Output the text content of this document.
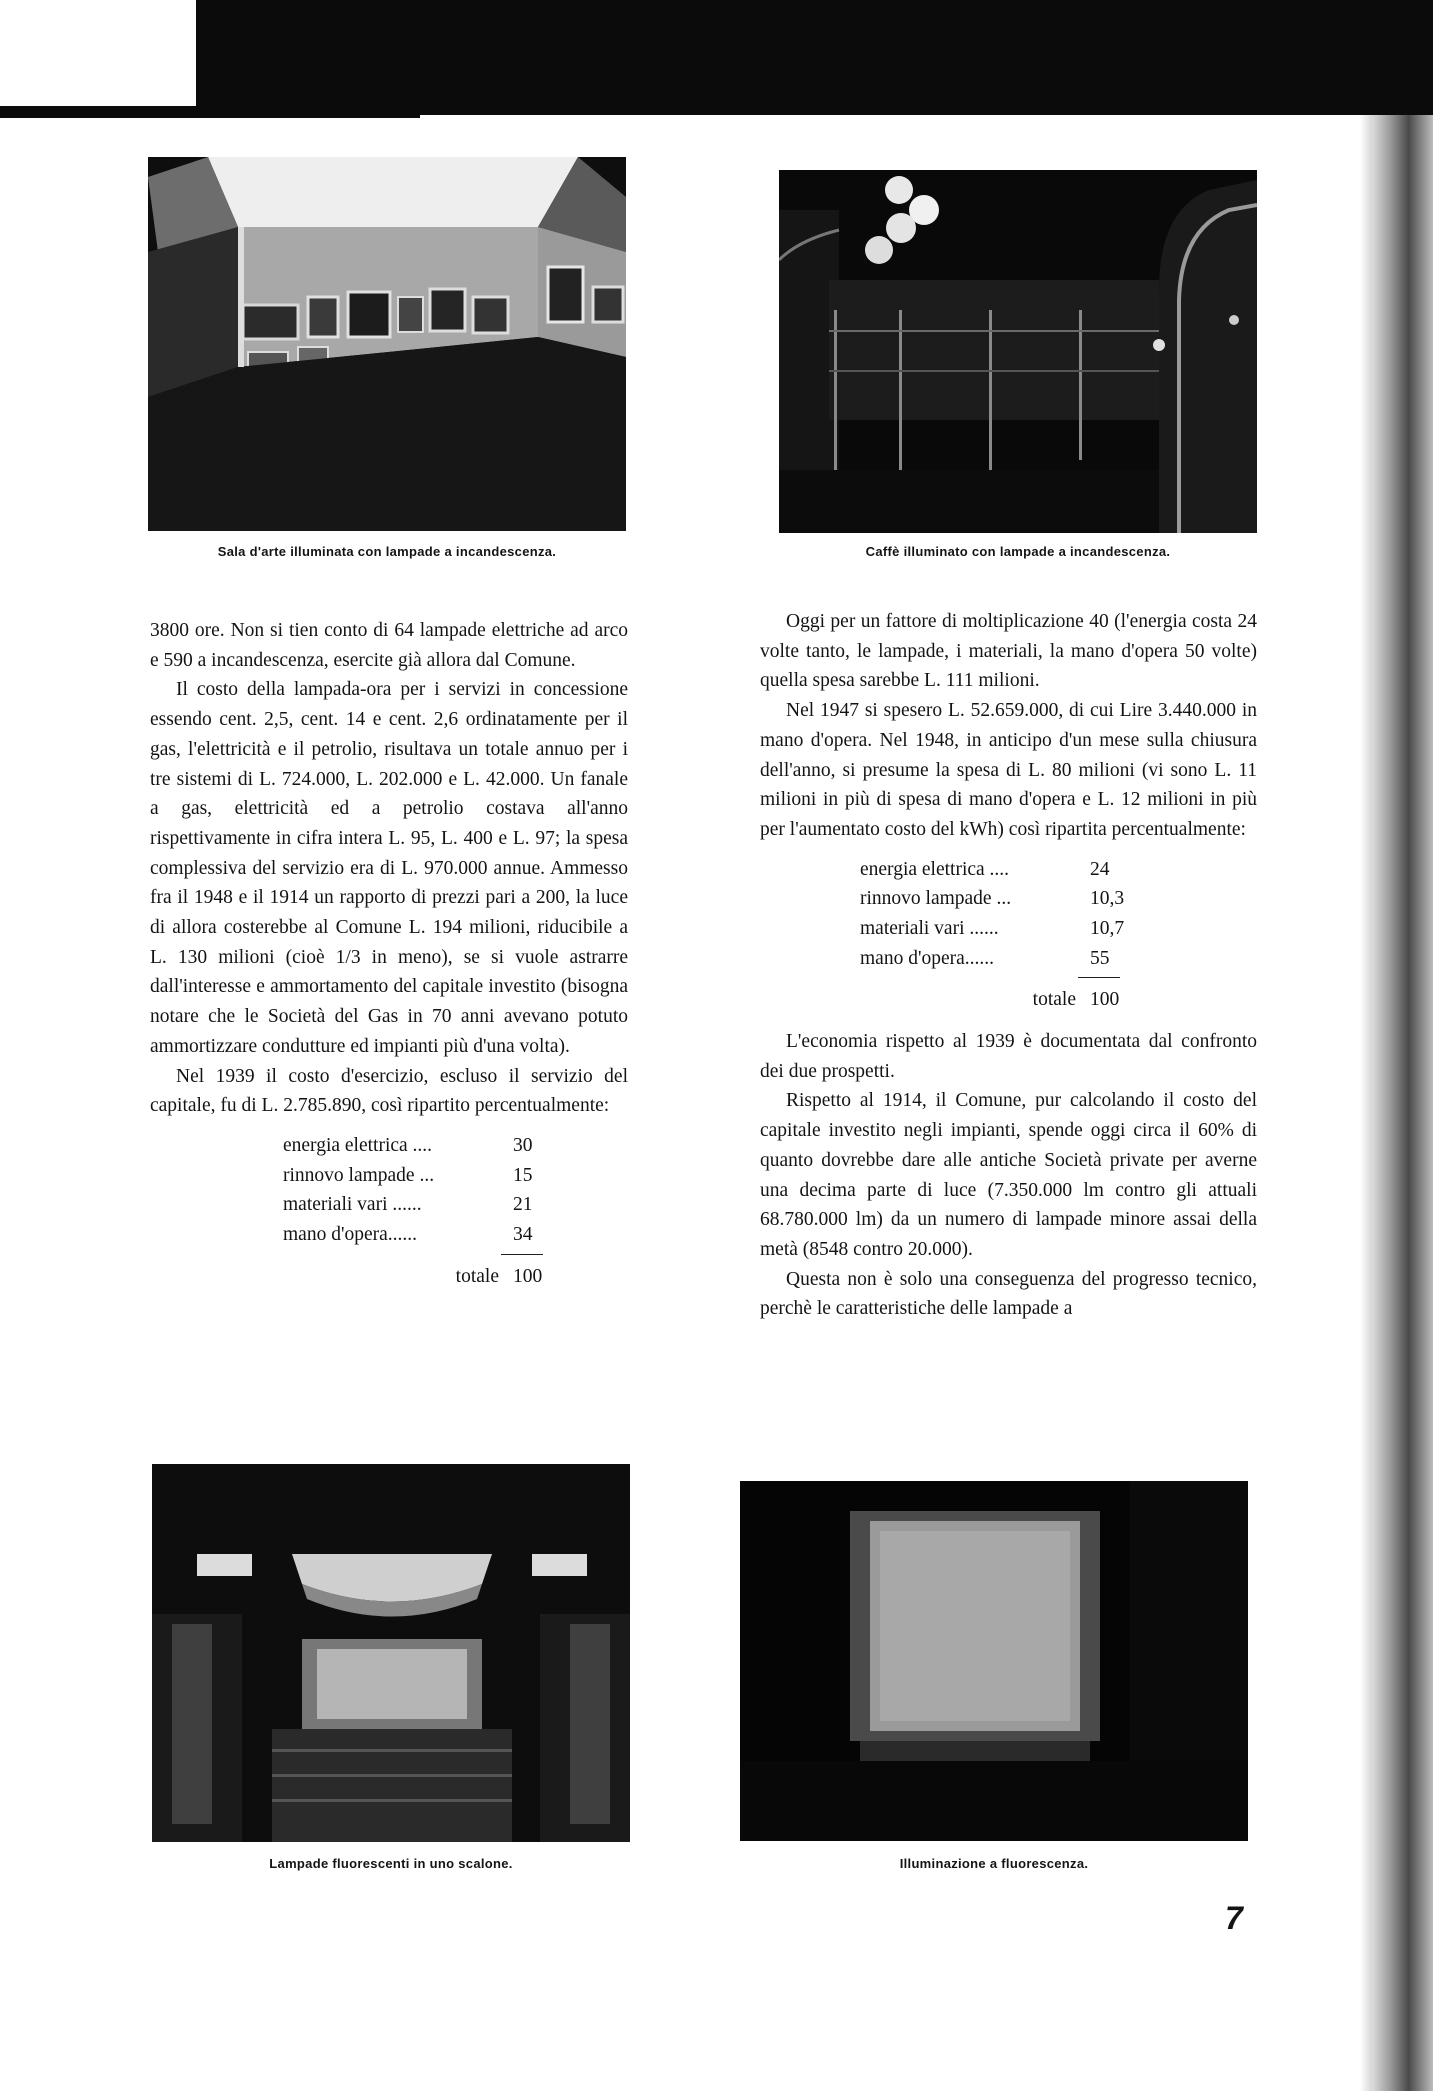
Sala d'arte illuminata con lampade a incandescenza.	Caffè illuminato con lampade a incandescenza.

3800 ore. Non si tien conto di 64 lampade elettriche ad arco e 590 a incandescenza, esercite già allora dal Comune.

Il costo della lampada-ora per i servizi in concessione essendo cent. 2,5, cent. 14 e cent. 2,6 ordinatamente per il gas, l'elettricità e il petrolio, risultava un totale annuo per i tre sistemi di L. 724.000, L. 202.000 e L. 42.000. Un fanale a gas, elettricità ed a petrolio costava all'anno rispettivamente in cifra intera L. 95, L. 400 e L. 97; la spesa complessiva del servizio era di L. 970.000 annue. Ammesso fra il 1948 e il 1914 un rapporto di prezzi pari a 200, la luce di allora costerebbe al Comune L. 194 milioni, riducibile a L. 130 milioni (cioè 1/3 in meno), se si vuole astrarre dall'interesse e ammortamento del capitale investito (bisogna notare che le Società del Gas in 70 anni avevano potuto ammortizzare condutture ed impianti più d'una volta).

Nel 1939 il costo d'esercizio, escluso il servizio del capitale, fu di L. 2.785.890, così ripartito percentualmente:

energia elettrica ....	30
rinnovo lampade ...	15
materiali vari ......	21
mano d'opera......	34
totale 100

Oggi per un fattore di moltiplicazione 40 (l'energia costa 24 volte tanto, le lampade, i materiali, la mano d'opera 50 volte) quella spesa sarebbe L. 111 milioni.

Nel 1947 si spesero L. 52.659.000, di cui Lire 3.440.000 in mano d'opera. Nel 1948, in anticipo d'un mese sulla chiusura dell'anno, si presume la spesa di L. 80 milioni (vi sono L. 11 milioni in più di spesa di mano d'opera e L. 12 milioni in più per l'aumentato costo del kWh) così ripartita percentualmente:

energia elettrica ....	24
rinnovo lampade ...	10,3
materiali vari ......	10,7
mano d'opera......	55
totale 100

L'economia rispetto al 1939 è documentata dal confronto dei due prospetti.

Rispetto al 1914, il Comune, pur calcolando il costo del capitale investito negli impianti, spende oggi circa il 60% di quanto dovrebbe dare alle antiche Società private per averne una decima parte di luce (7.350.000 lm contro gli attuali 68.780.000 lm) da un numero di lampade minore assai della metà (8548 contro 20.000).

Questa non è solo una conseguenza del progresso tecnico, perchè le caratteristiche delle lampade a

Lampade fluorescenti in uno scalone.	Illuminazione a fluorescenza.
7
